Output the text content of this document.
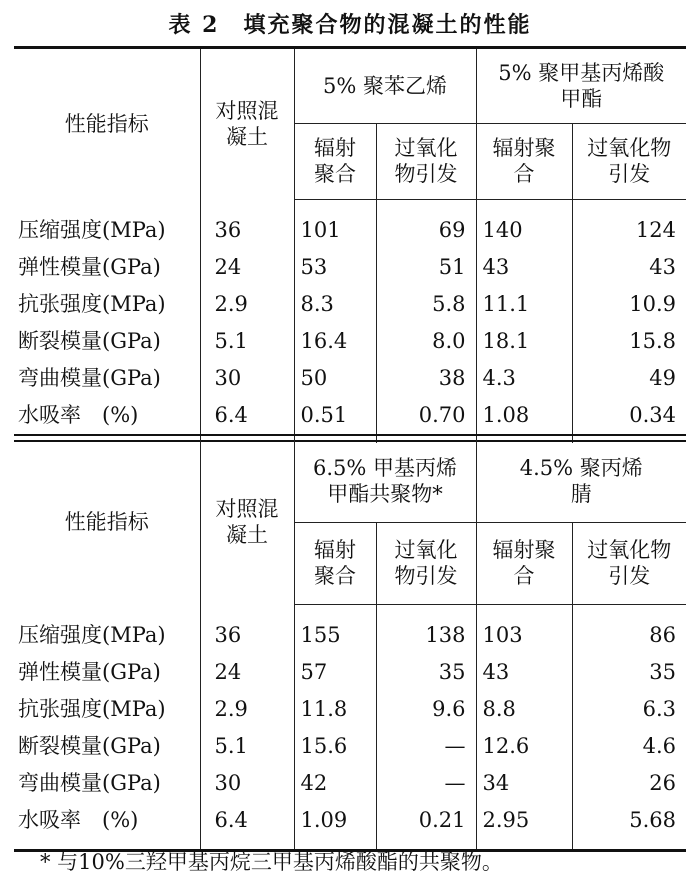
表 2　填充聚合物的混凝土的性能
性能指标	对照混凝土	5% 聚苯乙烯		5% 聚甲基丙烯酸甲酯	
		辐射聚合	过氧化物引发	辐射聚合	过氧化物引发

压缩强度(MPa)	36	101	69	140	124
弹性模量(GPa)	24	53	51	43	43
抗张强度(MPa)	2.9	8.3	5.8	11.1	10.9
断裂模量(GPa)	5.1	16.4	8.0	18.1	15.8
弯曲模量(GPa)	30	50	38	4.3	49
水吸率　(%)	6.4	0.51	0.70	1.08	0.34

性能指标	对照混凝土	6.5% 甲基丙烯甲酯共聚物*		4.5% 聚丙烯腈	
		辐射聚合	过氧化物引发	辐射聚合	过氧化物引发

压缩强度(MPa)	36	155	138	103	86
弹性模量(GPa)	24	57	35	43	35
抗张强度(MPa)	2.9	11.8	9.6	8.8	6.3
断裂模量(GPa)	5.1	15.6	—	12.6	4.6
弯曲模量(GPa)	30	42	—	34	26
水吸率　(%)	6.4	1.09	0.21	2.95	5.68

* 与10%三羟甲基丙烷三甲基丙烯酸酯的共聚物。
